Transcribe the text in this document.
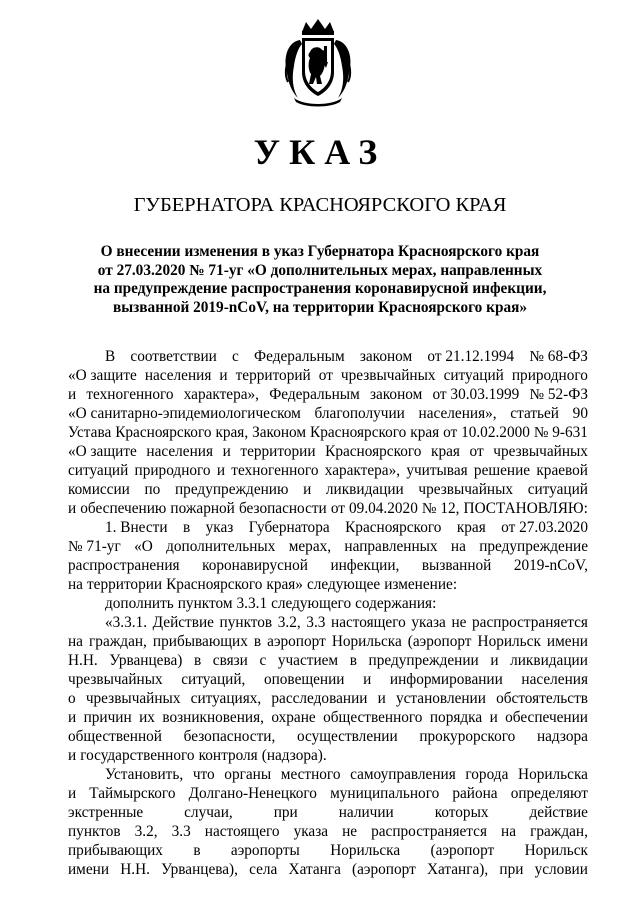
УКАЗ
ГУБЕРНАТОРА КРАСНОЯРСКОГО КРАЯ
О внесении изменения в указ Губернатора Красноярского края
от 27.03.2020 № 71-уг «О дополнительных мерах, направленных
на предупреждение распространения коронавирусной инфекции,
вызванной 2019-nCoV, на территории Красноярского края»
В соответствии с Федеральным законом от 21.12.1994 № 68-ФЗ
«О защите населения и территорий от чрезвычайных ситуаций природного
и техногенного характера», Федеральным законом от 30.03.1999 № 52-ФЗ
«О санитарно-эпидемиологическом благополучии населения», статьей 90
Устава Красноярского края, Законом Красноярского края от 10.02.2000 № 9-631
«О защите населения и территории Красноярского края от чрезвычайных
ситуаций природного и техногенного характера», учитывая решение краевой
комиссии по предупреждению и ликвидации чрезвычайных ситуаций
и обеспечению пожарной безопасности от 09.04.2020 № 12, ПОСТАНОВЛЯЮ:
1. Внести в указ Губернатора Красноярского края от 27.03.2020
№ 71-уг «О дополнительных мерах, направленных на предупреждение
распространения коронавирусной инфекции, вызванной 2019-nCoV,
на территории Красноярского края» следующее изменение:
дополнить пунктом 3.3.1 следующего содержания:
«3.3.1. Действие пунктов 3.2, 3.3 настоящего указа не распространяется
на граждан, прибывающих в аэропорт Норильска (аэропорт Норильск имени
Н.Н. Урванцева) в связи с участием в предупреждении и ликвидации
чрезвычайных ситуаций, оповещении и информировании населения
о чрезвычайных ситуациях, расследовании и установлении обстоятельств
и причин их возникновения, охране общественного порядка и обеспечении
общественной безопасности, осуществлении прокурорского надзора
и государственного контроля (надзора).
Установить, что органы местного самоуправления города Норильска
и Таймырского Долгано-Ненецкого муниципального района определяют
экстренные	случаи,	при	наличии	которых	действие
пунктов 3.2, 3.3 настоящего указа не распространяется на граждан,
прибывающих в аэропорты Норильска (аэропорт Норильск
имени Н.Н. Урванцева), села Хатанга (аэропорт Хатанга), при условии
